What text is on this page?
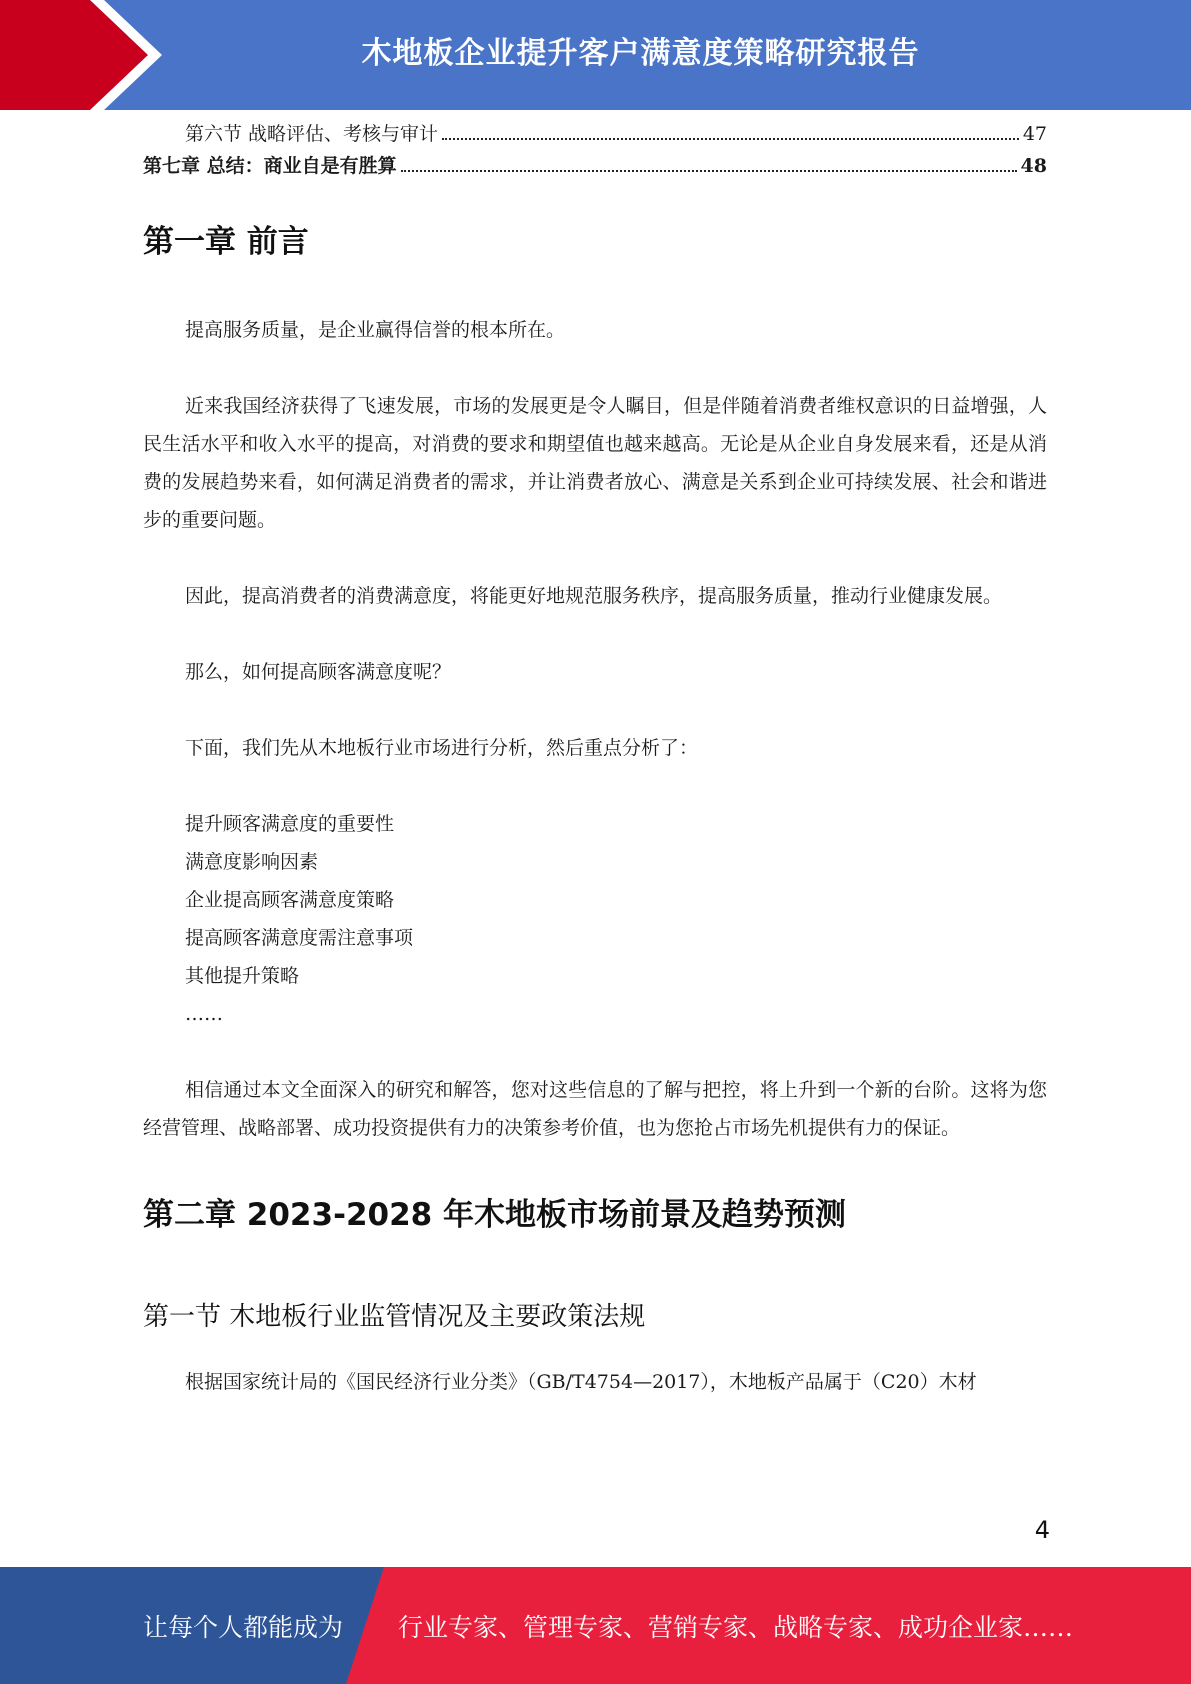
木地板企业提升客户满意度策略研究报告
第六节 战略评估、考核与审计	47
第七章 总结：商业自是有胜算	48
第一章 前言

提高服务质量，是企业赢得信誉的根本所在。

近来我国经济获得了飞速发展，市场的发展更是令人瞩目，但是伴随着消费者维权意识的日益增强，人民生活水平和收入水平的提高，对消费的要求和期望值也越来越高。无论是从企业自身发展来看，还是从消费的发展趋势来看，如何满足消费者的需求，并让消费者放心、满意是关系到企业可持续发展、社会和谐进步的重要问题。

因此，提高消费者的消费满意度，将能更好地规范服务秩序，提高服务质量，推动行业健康发展。

那么，如何提高顾客满意度呢？

下面，我们先从木地板行业市场进行分析，然后重点分析了：

提升顾客满意度的重要性
满意度影响因素
企业提高顾客满意度策略
提高顾客满意度需注意事项
其他提升策略
……

相信通过本文全面深入的研究和解答，您对这些信息的了解与把控，将上升到一个新的台阶。这将为您经营管理、战略部署、成功投资提供有力的决策参考价值，也为您抢占市场先机提供有力的保证。

第二章 2023-2028 年木地板市场前景及趋势预测
第一节 木地板行业监管情况及主要政策法规

根据国家统计局的《国民经济行业分类》（GB/T4754—2017），木地板产品属于（C20）木材

4
让每个人都能成为 行业专家、管理专家、营销专家、战略专家、成功企业家……
